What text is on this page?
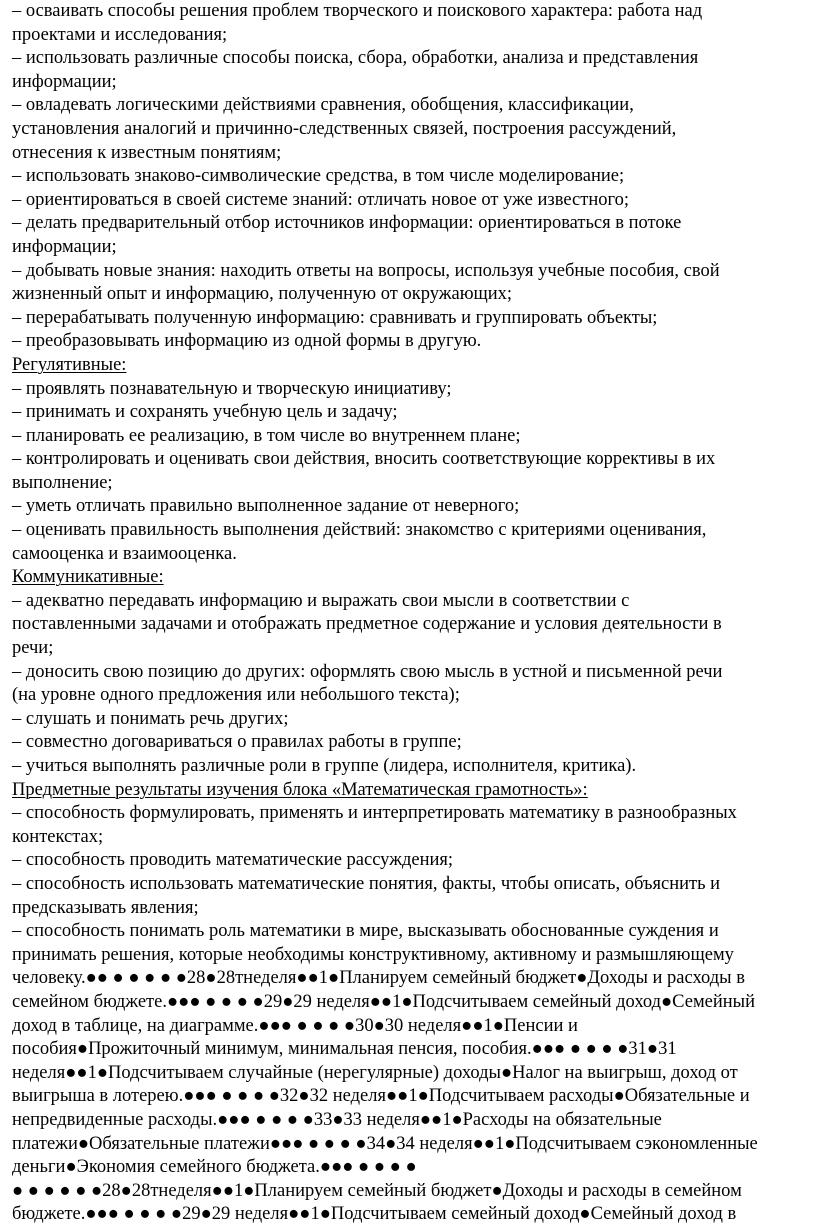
– осваивать способы решения проблем творческого и поискового характера: работа над
проектами и исследования;
– использовать различные способы поиска, сбора, обработки, анализа и представления
информации;
– овладевать логическими действиями сравнения, обобщения, классификации,
установления аналогий и причинно-следственных связей, построения рассуждений,
отнесения к известным понятиям;
– использовать знаково-символические средства, в том числе моделирование;
– ориентироваться в своей системе знаний: отличать новое от уже известного;
– делать предварительный отбор источников информации: ориентироваться в потоке
информации;
– добывать новые знания: находить ответы на вопросы, используя учебные пособия, свой
жизненный опыт и информацию, полученную от окружающих;
– перерабатывать полученную информацию: сравнивать и группировать объекты;
– преобразовывать информацию из одной формы в другую.
Регулятивные:
– проявлять познавательную и творческую инициативу;
– принимать и сохранять учебную цель и задачу;
– планировать ее реализацию, в том числе во внутреннем плане;
– контролировать и оценивать свои действия, вносить соответствующие коррективы в их
выполнение;
– уметь отличать правильно выполненное задание от неверного;
– оценивать правильность выполнения действий: знакомство с критериями оценивания,
самооценка и взаимооценка.
Коммуникативные:
– адекватно передавать информацию и выражать свои мысли в соответствии с
поставленными задачами и отображать предметное содержание и условия деятельности в
речи;
– доносить свою позицию до других: оформлять свою мысль в устной и письменной речи
(на уровне одного предложения или небольшого текста);
– слушать и понимать речь других;
– совместно договариваться о правилах работы в группе;
– учиться выполнять различные роли в группе (лидера, исполнителя, критика).
Предметные результаты изучения блока «Математическая грамотность»:
– способность формулировать, применять и интерпретировать математику в разнообразных
контекстах;
– способность проводить математические рассуждения;
– способность использовать математические понятия, факты, чтобы описать, объяснить и
предсказывать явления;
– способность понимать роль математики в мире, высказывать обоснованные суждения и
принимать решения, которые необходимы конструктивному, активному и размышляющему
человеку.●● ● ● ● ● ●28●28тнеделя●●1●Планируем семейный бюджет●Доходы и расходы в
семейном бюджете.●●● ● ● ● ●29●29 неделя●●1●Подсчитываем семейный доход●Семейный
доход в таблице, на диаграмме.●●● ● ● ● ●30●30 неделя●●1●Пенсии и
пособия●Прожиточный минимум, минимальная пенсия, пособия.●●● ● ● ● ●31●31
неделя●●1●Подсчитываем случайные (нерегулярные) доходы●Налог на выигрыш, доход от
выигрыша в лотерею.●●● ● ● ● ●32●32 неделя●●1●Подсчитываем расходы●Обязательные и
непредвиденные расходы.●●● ● ● ● ●33●33 неделя●●1●Расходы на обязательные
платежи●Обязательные платежи●●● ● ● ● ●34●34 неделя●●1●Подсчитываем сэкономленные
деньги●Экономия семейного бюджета.●●● ● ● ● ●
● ● ● ● ● ●28●28тнеделя●●1●Планируем семейный бюджет●Доходы и расходы в семейном
бюджете.●●● ● ● ● ●29●29 неделя●●1●Подсчитываем семейный доход●Семейный доход в
